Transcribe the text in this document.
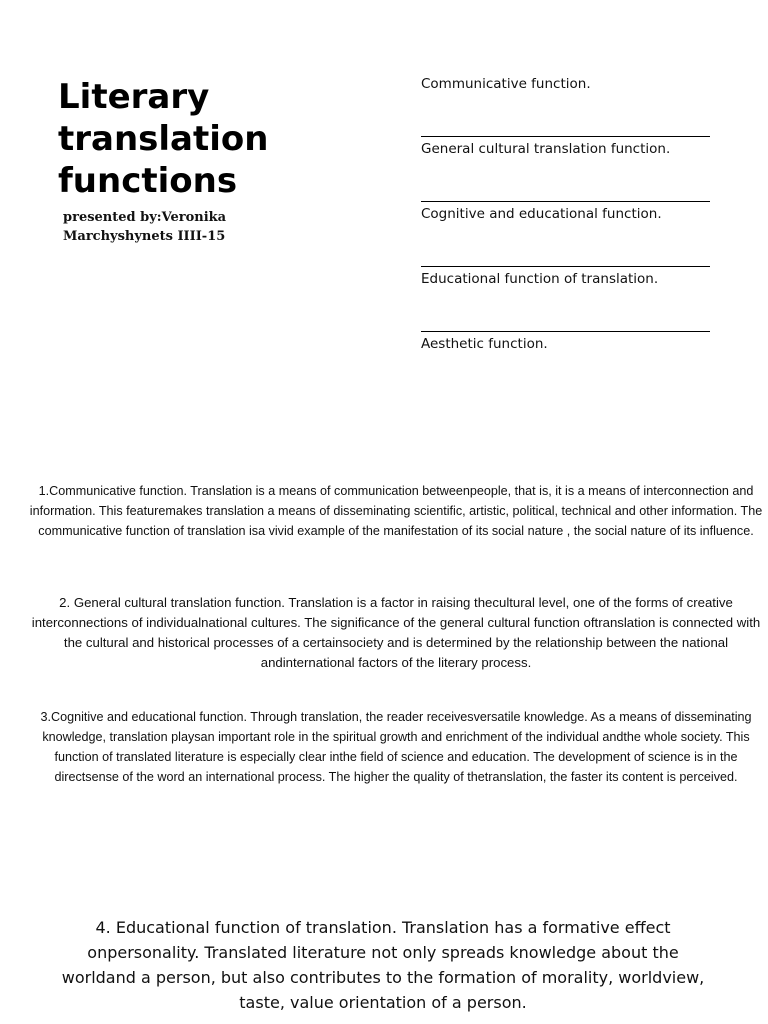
Literary translation functions
presented by:Veronika Marchyshynets ІІІІ-15
Communicative function.
General cultural translation function.
Cognitive and educational function.
Educational function of translation.
Aesthetic function.

1.Communicative function. Translation is a means of communication betweenpeople, that is, it is a means of interconnection and information. This featuremakes translation a means of disseminating scientific, artistic, political, technical and other information. The communicative function of translation isa vivid example of the manifestation of its social nature , the social nature of its influence.

2. General cultural translation function. Translation is a factor in raising thecultural level, one of the forms of creative interconnections of individualnational cultures. The significance of the general cultural function oftranslation is connected with the cultural and historical processes of a certainsociety and is determined by the relationship between the national andinternational factors of the literary process.

3.Cognitive and educational function. Through translation, the reader receivesversatile knowledge. As a means of disseminating knowledge, translation playsan important role in the spiritual growth and enrichment of the individual andthe whole society. This function of translated literature is especially clear inthe field of science and education. The development of science is in the directsense of the word an international process. The higher the quality of thetranslation, the faster its content is perceived.

4. Educational function of translation. Translation has a formative effect onpersonality. Translated literature not only spreads knowledge about the worldand a person, but also contributes to the formation of morality, worldview, taste, value orientation of a person.
